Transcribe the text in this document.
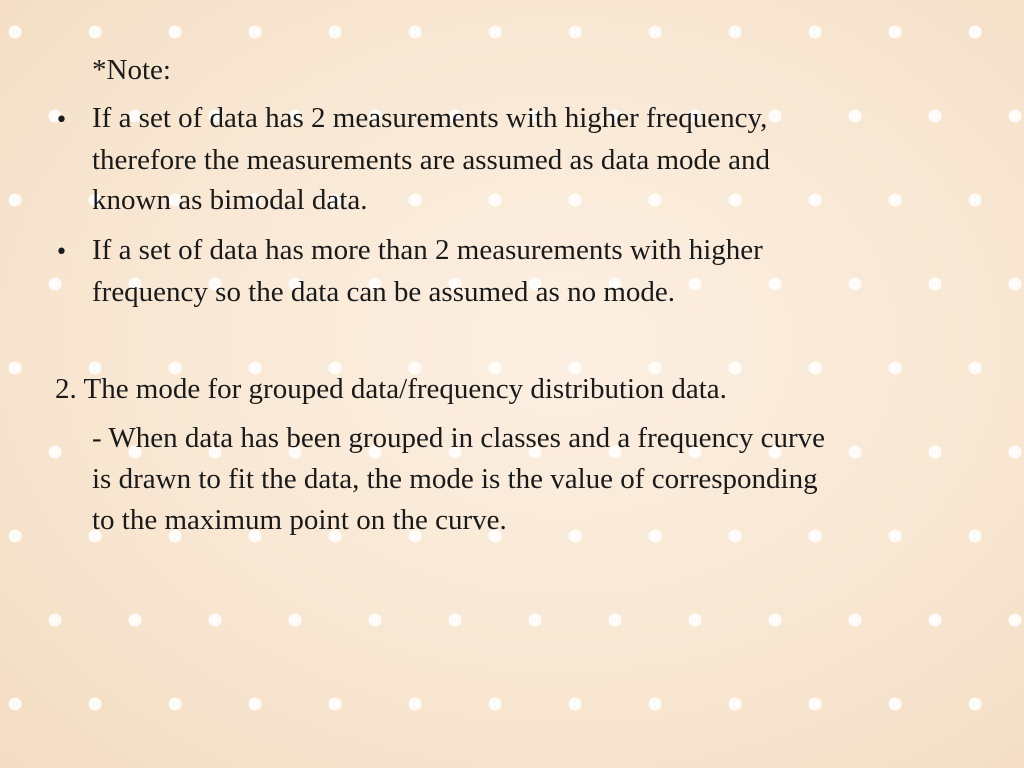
*Note:
• If a set of data has 2 measurements with higher frequency,
therefore the measurements are assumed as data mode and
known as bimodal data.
• If a set of data has more than 2 measurements with higher
frequency so the data can be assumed as no mode.
2. The mode for grouped data/frequency distribution data.
- When data has been grouped in classes and a frequency curve
is drawn to fit the data, the mode is the value of corresponding
to the maximum point on the curve.
